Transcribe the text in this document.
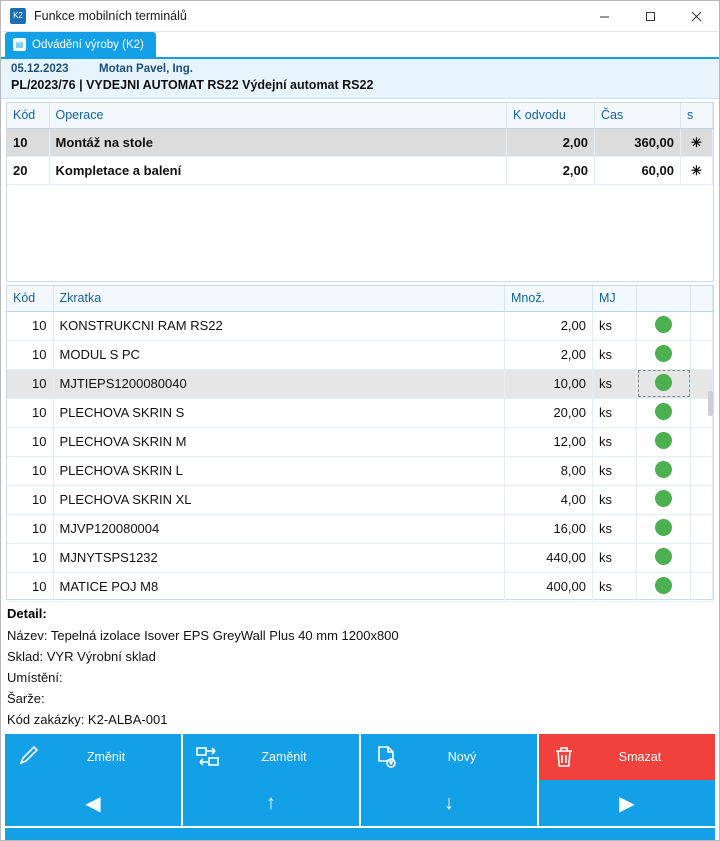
K2 Funkce mobilních terminálů
▤ Odvádění výroby (K2)
05.12.2023	Motan Pavel, Ing.
PL/2023/76 | VYDEJNI AUTOMAT RS22 Výdejní automat RS22
Kód	Operace	K odvodu	Čas	s
10	Montáž na stole	2,00	360,00	✳
20	Kompletace a balení	2,00	60,00	✳
Kód	Zkratka	Množ.	MJ		
10	KONSTRUKCNI RAM RS22	2,00	ks		
10	MODUL S PC	2,00	ks		
10	MJTIEPS1200080040	10,00	ks		
10	PLECHOVA SKRIN S	20,00	ks		
10	PLECHOVA SKRIN M	12,00	ks		
10	PLECHOVA SKRIN L	8,00	ks		
10	PLECHOVA SKRIN XL	4,00	ks		
10	MJVP120080004	16,00	ks		
10	MJNYTSPS1232	440,00	ks		
10	MATICE POJ M8	400,00	ks		
Detail:
Název: Tepelná izolace Isover EPS GreyWall Plus 40 mm 1200x800
Sklad: VYR Výrobní sklad
Umístění:
Šarže:
Kód zakázky: K2-ALBA-001
Změnit	Zaměnit	Nový	Smazat
◀	↑	↓	▶
